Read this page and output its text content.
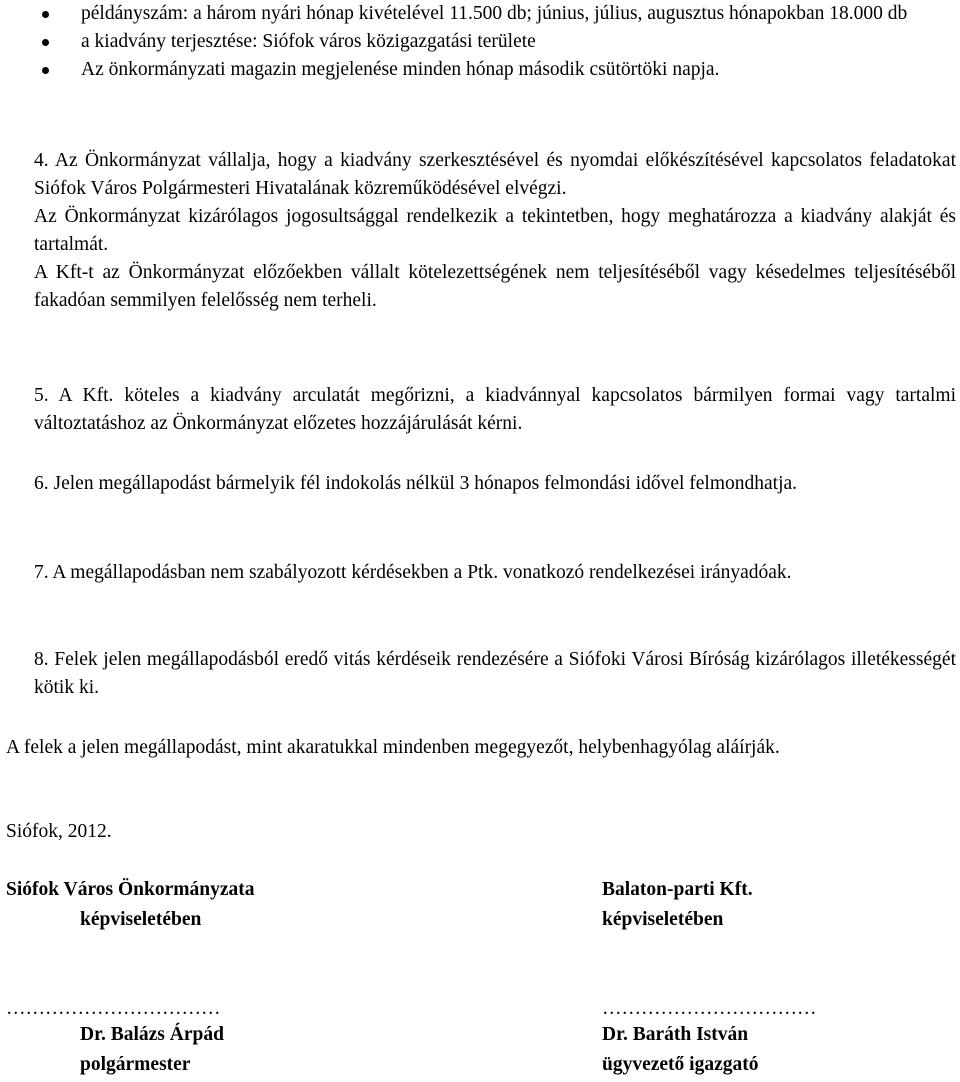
példányszám: a három nyári hónap kivételével 11.500 db; június, július, augusztus hónapokban 18.000 db
a kiadvány terjesztése: Siófok város közigazgatási területe
Az önkormányzati magazin megjelenése minden hónap második csütörtöki napja.

4. Az Önkormányzat vállalja, hogy a kiadvány szerkesztésével és nyomdai előkészítésével kapcsolatos feladatokat Siófok Város Polgármesteri Hivatalának közreműködésével elvégzi.

Az Önkormányzat kizárólagos jogosultsággal rendelkezik a tekintetben, hogy meghatározza a kiadvány alakját és tartalmát.

A Kft-t az Önkormányzat előzőekben vállalt kötelezettségének nem teljesítéséből vagy késedelmes teljesítéséből fakadóan semmilyen felelősség nem terheli.

5. A Kft. köteles a kiadvány arculatát megőrizni, a kiadvánnyal kapcsolatos bármilyen formai vagy tartalmi változtatáshoz az Önkormányzat előzetes hozzájárulását kérni.

6. Jelen megállapodást bármelyik fél indokolás nélkül 3 hónapos felmondási idővel felmondhatja.

7. A megállapodásban nem szabályozott kérdésekben a Ptk. vonatkozó rendelkezései irányadóak.

8. Felek jelen megállapodásból eredő vitás kérdéseik rendezésére a Siófoki Városi Bíróság kizárólagos illetékességét kötik ki.

A felek a jelen megállapodást, mint akaratukkal mindenben megegyezőt, helybenhagyólag aláírják.

Siófok, 2012.

Siófok Város Önkormányzata
képviseletében
……………………………
Dr. Balázs Árpád
polgármester
Balaton-parti Kft.
képviseletében
……………………………
Dr. Baráth István
ügyvezető igazgató
